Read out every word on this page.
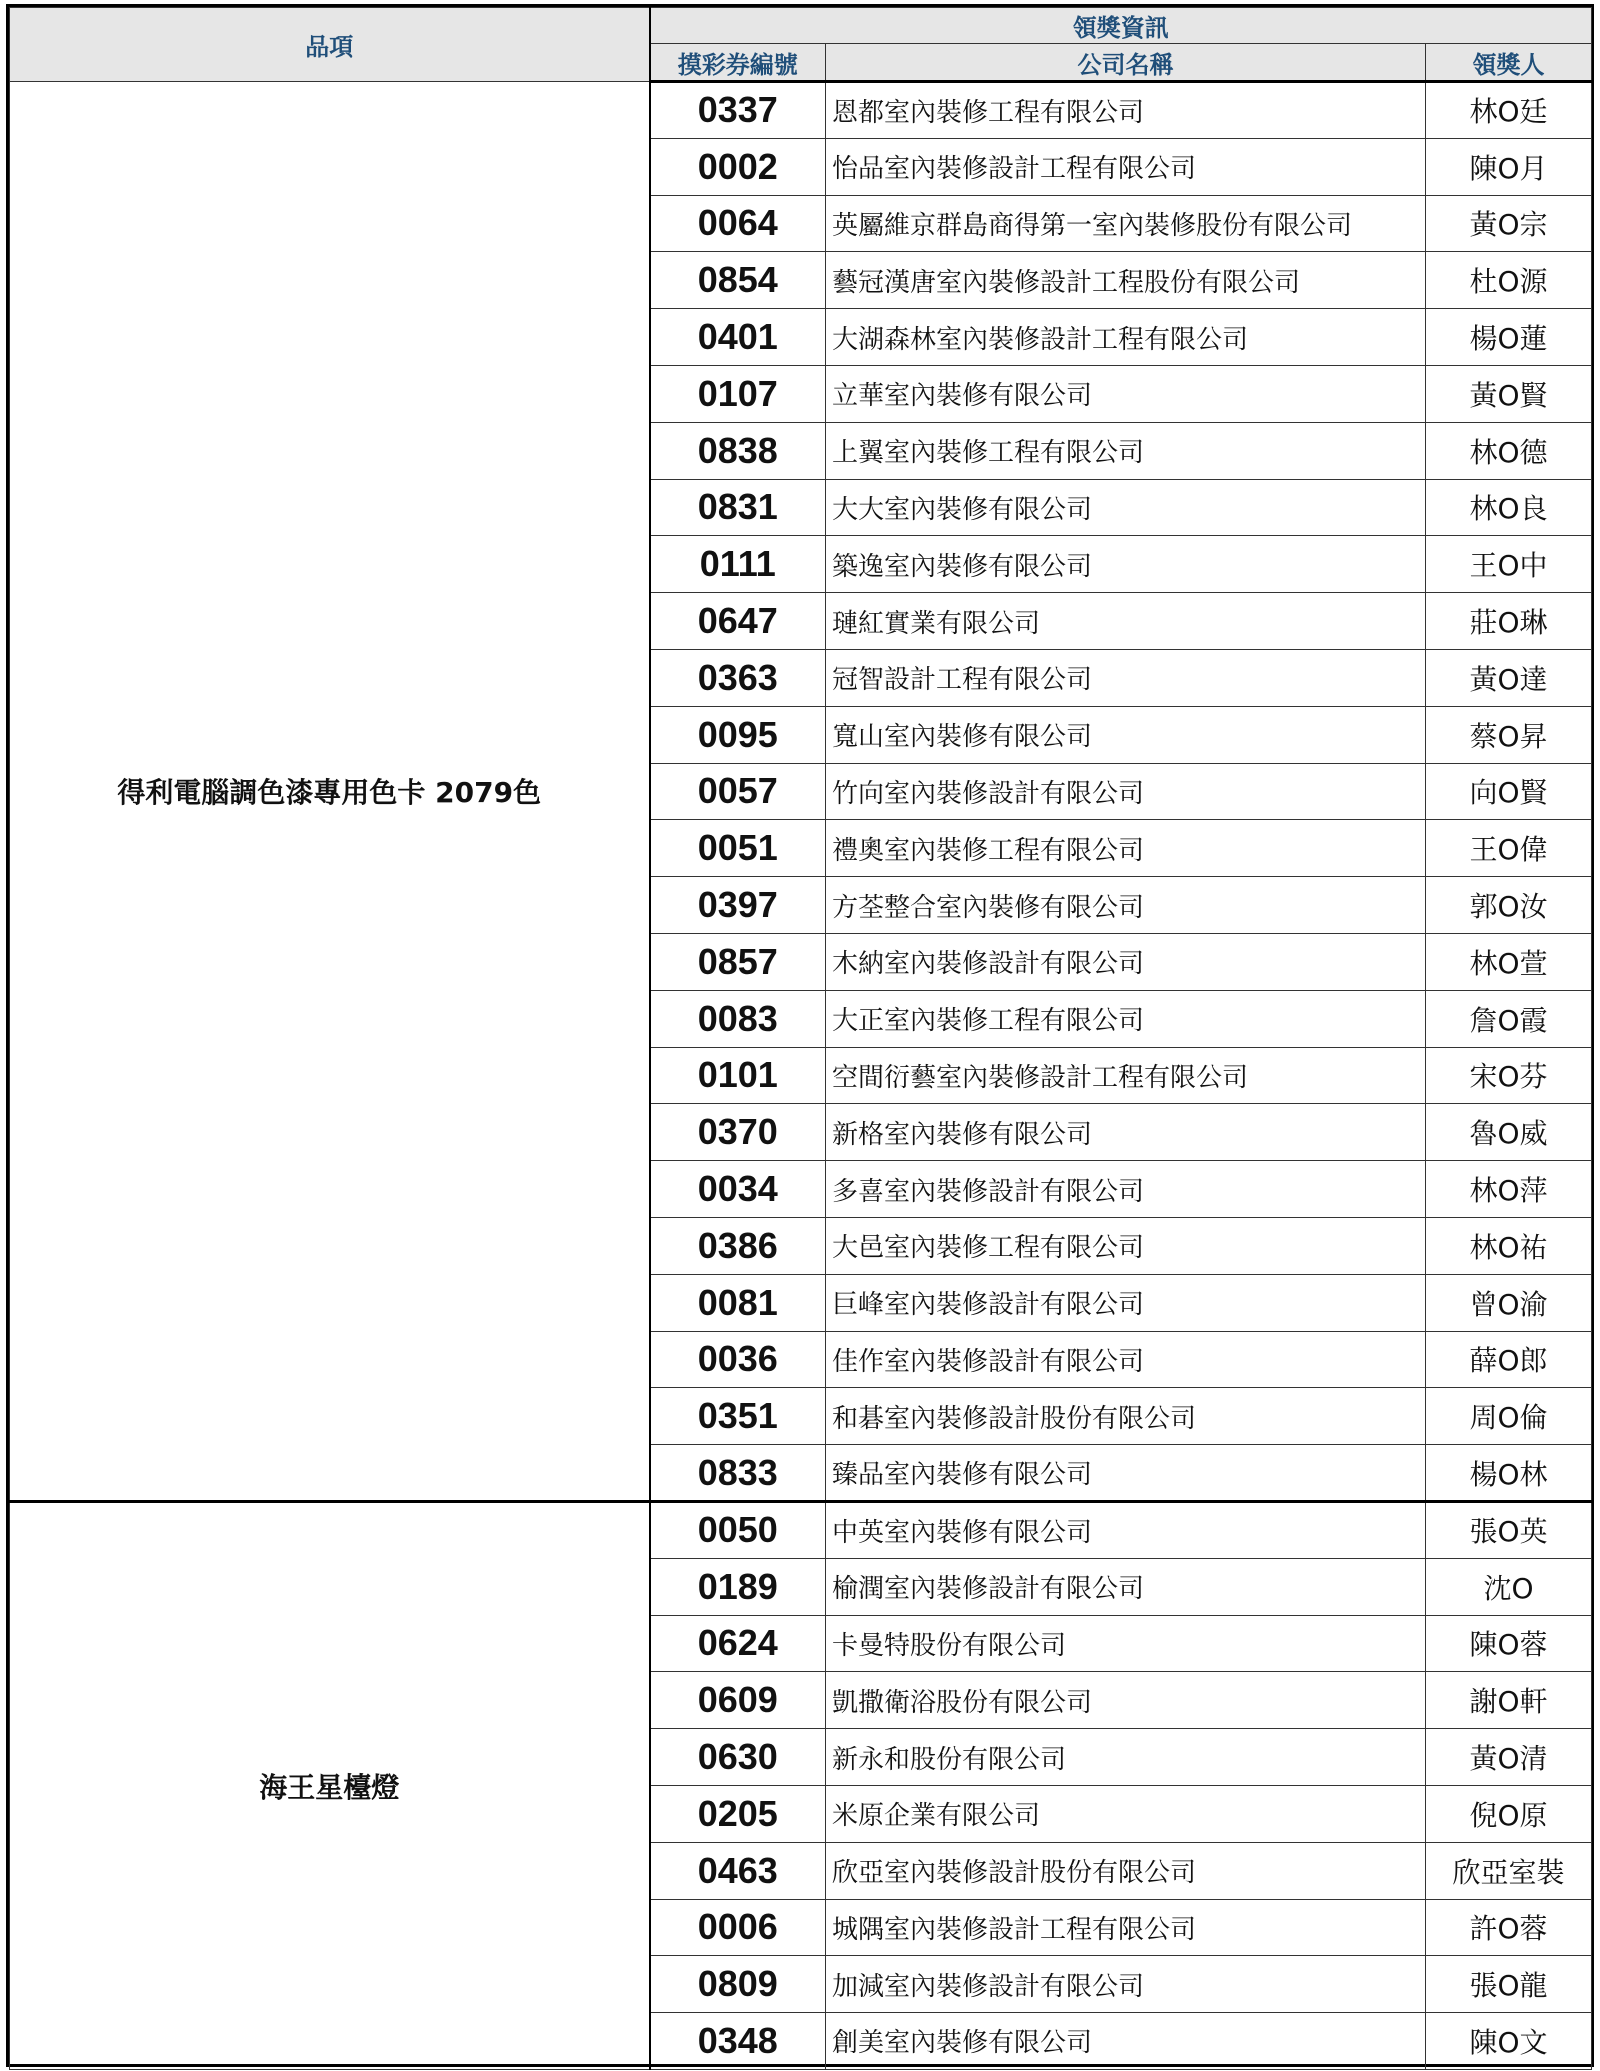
品項	領獎資訊		
	摸彩券編號	公司名稱	領獎人
得利電腦調色漆專用色卡 2079色	0337	恩都室內裝修工程有限公司	林O廷
	0002	怡品室內裝修設計工程有限公司	陳O月
	0064	英屬維京群島商得第一室內裝修股份有限公司	黃O宗
	0854	藝冠漢唐室內裝修設計工程股份有限公司	杜O源
	0401	大湖森林室內裝修設計工程有限公司	楊O蓮
	0107	立華室內裝修有限公司	黃O賢
	0838	上翼室內裝修工程有限公司	林O德
	0831	大大室內裝修有限公司	林O良
	0111	築逸室內裝修有限公司	王O中
	0647	璉紅實業有限公司	莊O琳
	0363	冠智設計工程有限公司	黃O達
	0095	寬山室內裝修有限公司	蔡O昇
	0057	竹向室內裝修設計有限公司	向O賢
	0051	禮奧室內裝修工程有限公司	王O偉
	0397	方荃整合室內裝修有限公司	郭O汝
	0857	木納室內裝修設計有限公司	林O萱
	0083	大正室內裝修工程有限公司	詹O霞
	0101	空間衍藝室內裝修設計工程有限公司	宋O芬
	0370	新格室內裝修有限公司	魯O威
	0034	多喜室內裝修設計有限公司	林O萍
	0386	大邑室內裝修工程有限公司	林O祐
	0081	巨峰室內裝修設計有限公司	曾O渝
	0036	佳作室內裝修設計有限公司	薛O郎
	0351	和碁室內裝修設計股份有限公司	周O倫
	0833	臻品室內裝修有限公司	楊O林
海王星檯燈	0050	中英室內裝修有限公司	張O英
	0189	榆潤室內裝修設計有限公司	沈O
	0624	卡曼特股份有限公司	陳O蓉
	0609	凱撒衛浴股份有限公司	謝O軒
	0630	新永和股份有限公司	黃O清
	0205	米原企業有限公司	倪O原
	0463	欣亞室內裝修設計股份有限公司	欣亞室裝
	0006	城隅室內裝修設計工程有限公司	許O蓉
	0809	加減室內裝修設計有限公司	張O龍
	0348	創美室內裝修有限公司	陳O文
